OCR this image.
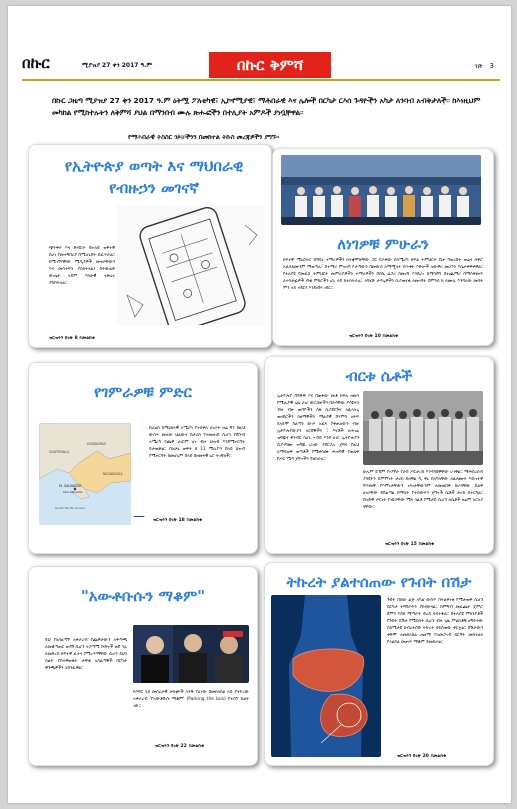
በኩር	ሚያዝያ 27 ቀን 2017 ዓ.ም	በኩር ቅምሻ	ገጽ 3
በኩር ጋዜጣ ሚያዝያ 27 ቀን 2017 ዓ.ም ዕትሟ ፖለቲካዊ፣ ኢኮኖሚያዊ፣ ማሕበራዊ እና ሌሎች በርካታ ርእሰ ጉዳዮችን አካታ ለንባብ አብቅታለች። ከእነዚህም መካከል የሚከተሉትን ለቅምሻ ያህል በማንበብ ሙሉ ጽሑፎችን በተሊያት አምዶች ያነቧቸዋል።
የማሕበራዊ ትስስር ገጾቻችንን በመከተል ትኩስ መረጃዎችን ያግኙ።
የኢትዮጵያ ወጣት እና ማህበራዊ የብዙኃን መገናኛ
ጭንቀት እና ድብርት በተለይ ዝቅተኛ በሆነ የመተግበሪያ በሚሆኑበት ይፈጥራል። ከሚገኙባቸው ሚዲያዎች መኖራቸውን እና መሳተፍን ያስከትላል፤ በትውልድ ውጤት ላይም እክታዊ ተጽዕኖ ያስከትላል።
ዝርዝሩን በገጽ 8 ይመልከቱ
ለነገዎቹ ምሁራን
ከፍተኛ ሚኒስትሮ በዓይነ ተማሪዎችን ከተቋሞቻቸው ጋር የራቀው በአሜሪካ ከፍል ትምህርት ቤተ ባወረበት ወሬና ሰቅሮ አፈጻጸሙንም ማወጣሉ፣ በተማሪ ምዝገባ የታጣውን በመውሰ ለማሟላት ከጥቂት እድሎች አውዋሪ መሆንን እሴታቀዋቀዋል። የተለያዩ የመፈሰ ትምህርት መምሪያዎችን ተማሪዎችን በስኬ ሬጋሪ ከመነሻ እንደሆነ ከማሳደግ በተጨማሪ በማስቀመጥ ለተሳታፊዎች ብቁ ምክሮችን ሆኑ ላይ ከተከትራሉ፣ አካሄድ ታዳጊዎችን ሲያጠናቁ ለመገባት በምንሰ ከ ለሙሉ እንዳለው መሳት ምን ላይ ተደርጎ እንደነበሩ ነበር።
ዝርዝሩን በገጽ 10 ይመልከቱ
የገምራዎቹ ምድር
HONDURAS
GUATEMALA
EL SALVADOR
San Salvador
NICARAGUA
South Pacific Ocean
በሆሬስ ከማዕከላዊ አሜሪካ የተሰቀለ ሀገራት ዛሬ ግን ከዚህ ውስጥ መላው ህልውና በታሪክ የተመዘገበ ሲሆን የደቡብ አሜሪካ የጨዋ ሀገርም ሆነ ብዙ ህዝብ እንደሚኖርባት ይታወቃል። በአሁኑ ወቅት ከ 11 ሚሊዮን በላይ ህዝብ የሚኖርባት ከመሆኑም በላይ በዘመናዊ ኑሮ ትገኛለች።
ዝርዝሩን በገጽ 18 ይመልከቱ
ብርቱ ሴቶች
ኢትዮጵያ በዓድዋ እና በጠፋው መቶ ክፍለ ዘመን የሚሊያዊ ጊዜ ሀገሪ ውርሰቻችን በራሳቸው ያሳዩትን ብዙ ብዙ ጠባዮችን ሰፋ ሲያደርጉና አፈላላጊ ወዛደሮችን ከዘማቾችን ማልያዊ በሃምሳ ዘሩፍ ከአይሞ ስልጣን ውጦ አፈና የቀጠለውን ብዙ ኢትዮጵያውያን አርበኞችን ፣ እናቶች ለሐገሬ ዝግጁና ቅንብር ከሆኑ ኣብይ እንደ ሀገር ኢትዮጵያን ሲያገግሙ ዝግጁ ሆነው ያደርጋሉ ጀግና የዚህ ለማሳወቅ ወጣቶች የሚቀስሙ ሕዝባዊ የጠለቀ የጦር ሜዳ ጀግኖችን ይዘክራሉ።
ሁሉም ይኸም የአማራ የራስ ጦርታሪክ እንዳሳዩዋቸው ሆነዋል። ማሕበረሰብ ያሳዩትን ስምምነት ታሪክ ይዘዋል ዲ ቀኑ በአካላቸው ለፈጸሙት እውነተኛ ግጥመኛ የእምነታቸውን ነጻነታቸውንም ለመጠበቅ ከራሳቸው ይልቅ ሀገራቸው ይበልጣል በማለት የተሰውትን ጀግኖች ሴቶች ታሪክ ይተርካል። በአድዋ ጦርነት የነበራቸው ሚና ጎልቶ የሚታይ ሲሆን ለሴቶች ዛሬም አርአያ ናቸው።
ዝርዝሩን በገጽ 15 ይመልከቱ
"አውቶቡሱን ማቆም"
ይህ የአሰልጣኝ አቀራረብ የጨዋታውን አቅጣጫ ለመቆጣጠር ወሳኝ ሲሆን ተጋጣሚ ቡድኖች ወደ ጎሉ ለመድረስ ከፍተኛ ፈተና የሚገጥማቸው ሲሆን ይህን ስልት ያስተዋወቁት ታዋቂ አሰልጣኞች በርካታ ዋንጫዎችን አሸንፈዋል።
ከእግር ኳስ መሰረታዊ ታክቲኮች አንዱ የሆነው በመከላከል ላይ ያተኮረው አቀራረብ 'የአውቶቡሱ ማቆም' (Parking the bus) የተሰኘ ስልት ነው።
ዝርዝሩን በገጽ 22 ይመልከቱ
ትኩረት ያልተሰጠው የጉበት በሽታ
ጉበት በሰው ልጅ አካል ውስጥ በትልቅነቱ የሚታወቅ ሲሆን በርካታ ተግባራትን ያከናውናል። ከምግብ መፈጨት ጀምሮ ደምን እስከ ማጣራት ድረስ ይሳተፋል። በተለያዩ ምክንያቶች የጉበት በሽታ የሚከሰት ሲሆን ብዙ ጊዜ ምልክቶቹ ዘግይተው ስለሚታዩ ህብረተሰቡ ትኩረት ሳይሰጠው ቀርቷል። በሽታውን ቀድሞ ለመከላከል ጤናማ የአመጋገብ ስርዓት መከተልና የአልኮል መጠጥ ማቆም ይመከራል።
ዝርዝሩን በገጽ 20 ይመልከቱ
